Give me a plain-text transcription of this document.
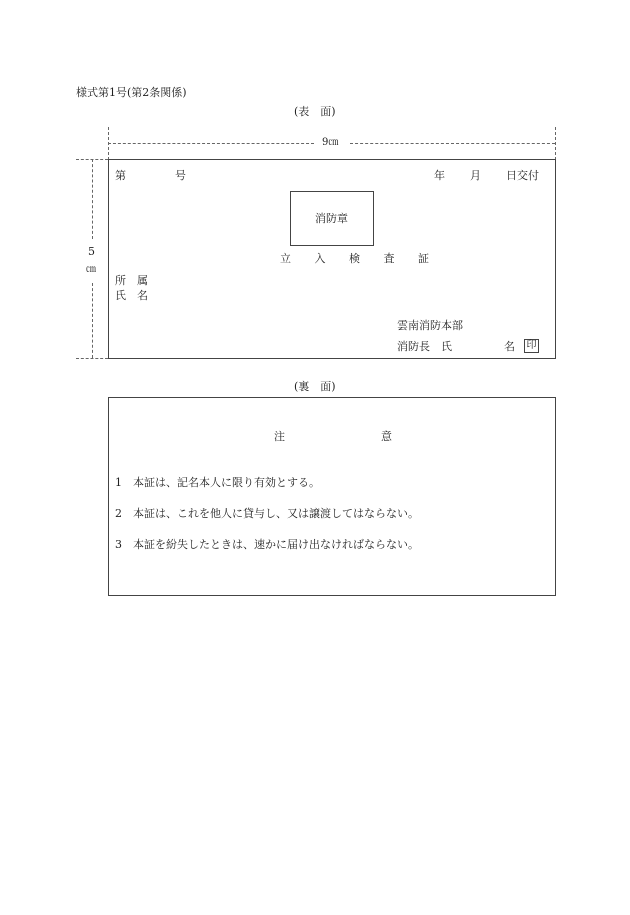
様式第1号(第2条関係)
(表　面)
9㎝
5
㎝
第	号	年 月 日交付
消防章
立 入 検 査 証
所　属
氏　名
雲南消防本部
消防長　氏	名 印
(裏　面)
注	意
1　本証は、記名本人に限り有効とする。
2　本証は、これを他人に貸与し、又は譲渡してはならない。
3　本証を紛失したときは、速かに届け出なければならない。
